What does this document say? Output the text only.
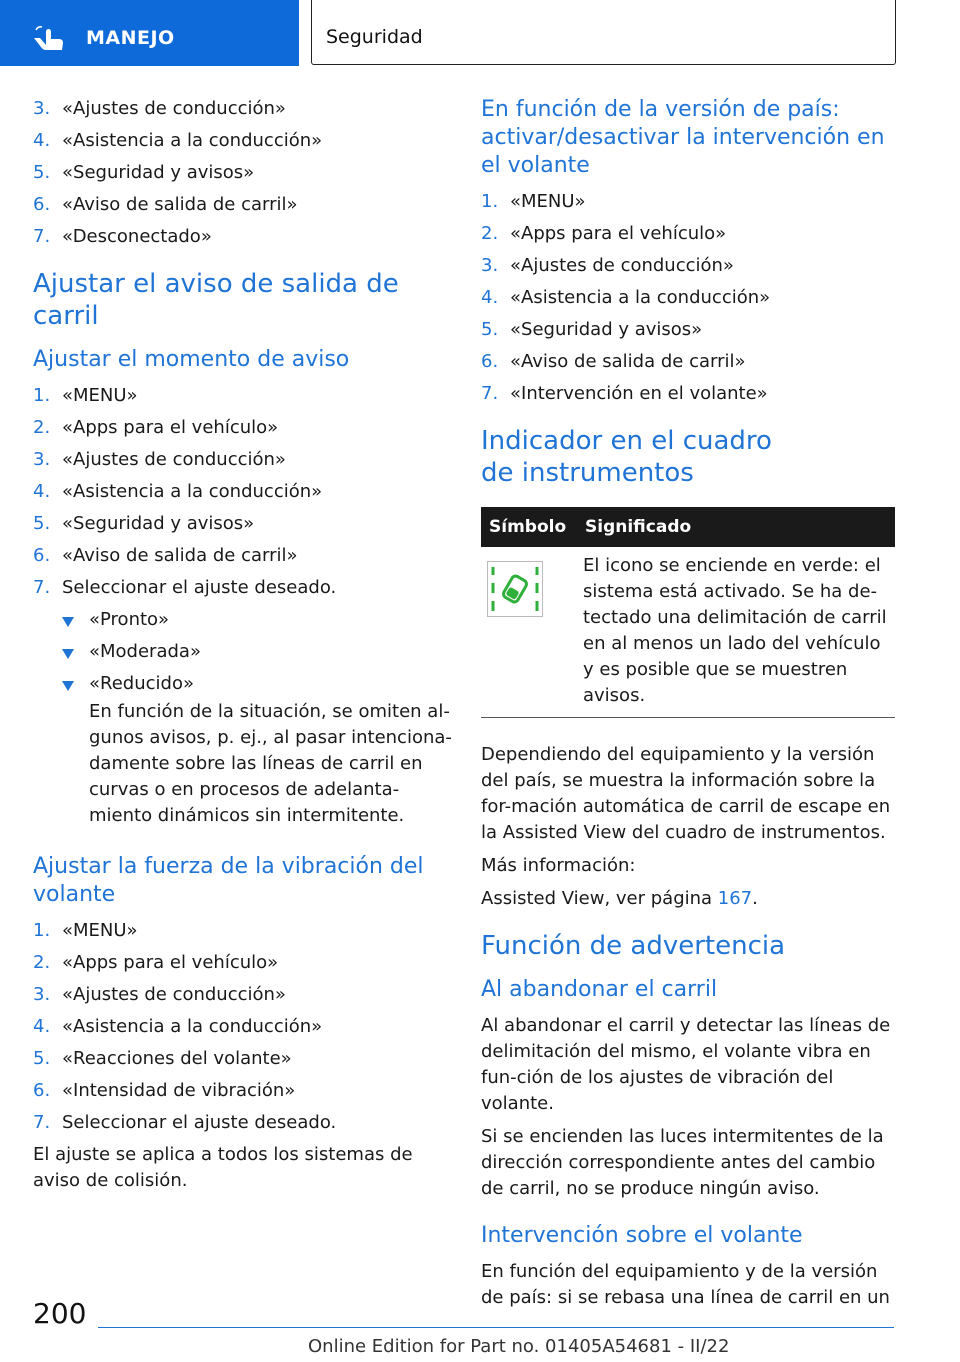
MANEJO	Seguridad
3. «Ajustes de conducción»
4. «Asistencia a la conducción»
5. «Seguridad y avisos»
6. «Aviso de salida de carril»
7. «Desconectado»
Ajustar el aviso de salida de carril
Ajustar el momento de aviso
1. «MENU»
2. «Apps para el vehículo»
3. «Ajustes de conducción»
4. «Asistencia a la conducción»
5. «Seguridad y avisos»
6. «Aviso de salida de carril»
7. Seleccionar el ajuste deseado.
«Pronto»
«Moderada»
«Reducido»
En función de la situación, se omiten al-
gunos avisos, p. ej., al pasar intenciona-
damente sobre las líneas de carril en
curvas o en procesos de adelanta-
miento dinámicos sin intermitente.
Ajustar la fuerza de la vibración del volante
1. «MENU»
2. «Apps para el vehículo»
3. «Ajustes de conducción»
4. «Asistencia a la conducción»
5. «Reacciones del volante»
6. «Intensidad de vibración»
7. Seleccionar el ajuste deseado.

El ajuste se aplica a todos los sistemas de aviso de colisión.

En función de la versión de país: activar/desactivar la intervención en el volante
1. «MENU»
2. «Apps para el vehículo»
3. «Ajustes de conducción»
4. «Asistencia a la conducción»
5. «Seguridad y avisos»
6. «Aviso de salida de carril»
7. «Intervención en el volante»
Indicador en el cuadro de instrumentos
Símbolo	Significado
	El icono se enciende en verde: el sistema está activado. Se ha de-tectado una delimitación de carril en al menos un lado del vehículo y es posible que se muestren avisos.

Dependiendo del equipamiento y la versión del país, se muestra la información sobre la for-mación automática de carril de escape en la Assisted View del cuadro de instrumentos.

Más información:

Assisted View, ver página 167.

Función de advertencia
Al abandonar el carril

Al abandonar el carril y detectar las líneas de delimitación del mismo, el volante vibra en fun-ción de los ajustes de vibración del volante.

Si se encienden las luces intermitentes de la dirección correspondiente antes del cambio de carril, no se produce ningún aviso.

Intervención sobre el volante

En función del equipamiento y de la versión de país: si se rebasa una línea de carril en un

200
Online Edition for Part no. 01405A54681 - II/22
